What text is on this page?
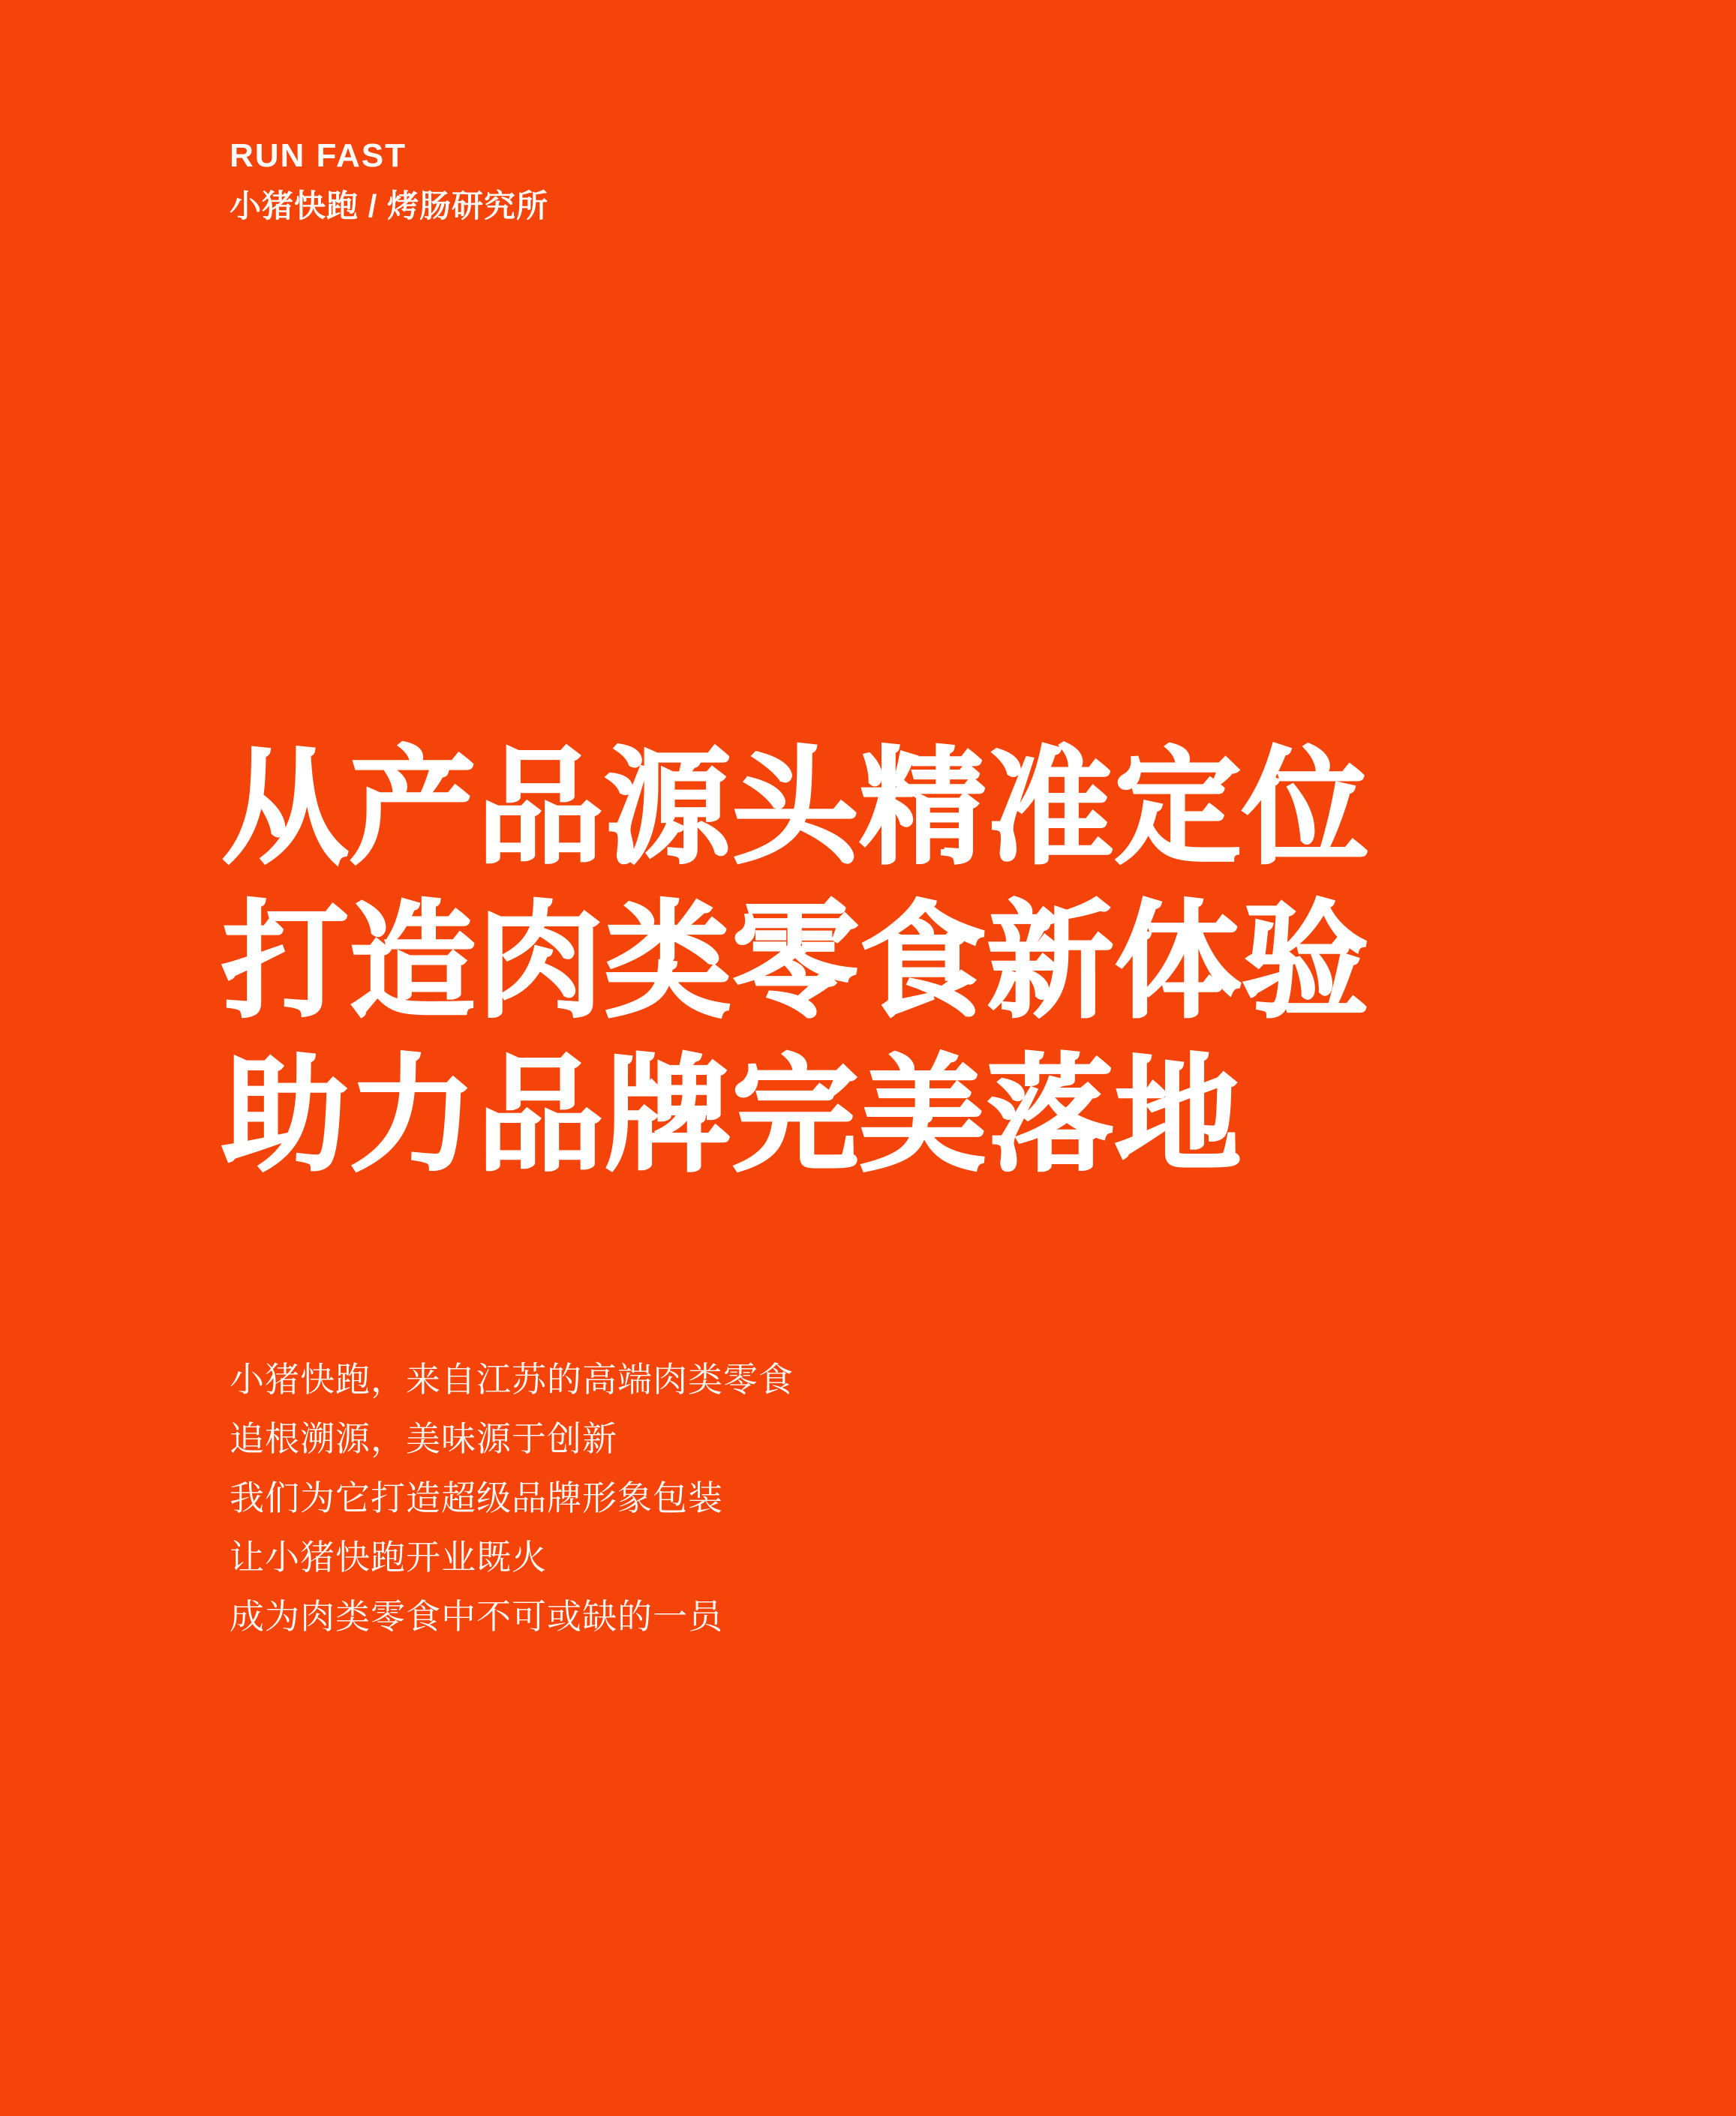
RUN FAST

小猪快跑 / 烤肠研究所

从产品源头精准定位

打造肉类零食新体验

助力品牌完美落地

小猪快跑，来自江苏的高端肉类零食

追根溯源，美味源于创新

我们为它打造超级品牌形象包装

让小猪快跑开业既火

成为肉类零食中不可或缺的一员
